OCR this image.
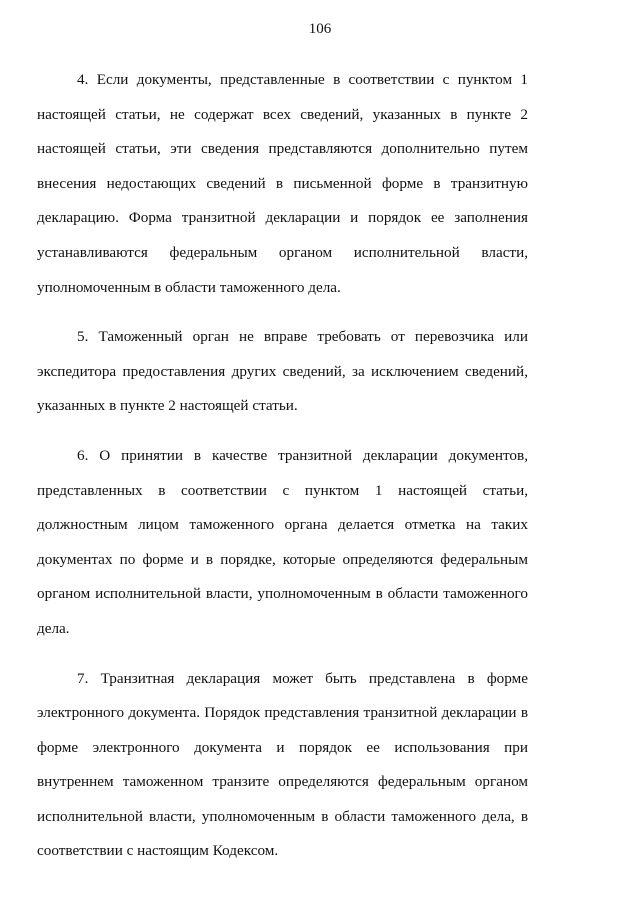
106

4. Если документы, представленные в соответствии с пунктом 1 настоящей статьи, не содержат всех сведений, указанных в пункте 2 настоящей статьи, эти сведения представляются дополнительно путем внесения недостающих сведений в письменной форме в транзитную декларацию. Форма транзитной декларации и порядок ее заполнения устанавливаются федеральным органом исполнительной власти, уполномоченным в области таможенного дела.

5. Таможенный орган не вправе требовать от перевозчика или экспедитора предоставления других сведений, за исключением сведений, указанных в пункте 2 настоящей статьи.

6. О принятии в качестве транзитной декларации документов, представленных в соответствии с пунктом 1 настоящей статьи, должностным лицом таможенного органа делается отметка на таких документах по форме и в порядке, которые определяются федеральным органом исполнительной власти, уполномоченным в области таможенного дела.

7. Транзитная декларация может быть представлена в форме электронного документа. Порядок представления транзитной декларации в форме электронного документа и порядок ее использования при внутреннем таможенном транзите определяются федеральным органом исполнительной власти, уполномоченным в области таможенного дела, в соответствии с настоящим Кодексом.
